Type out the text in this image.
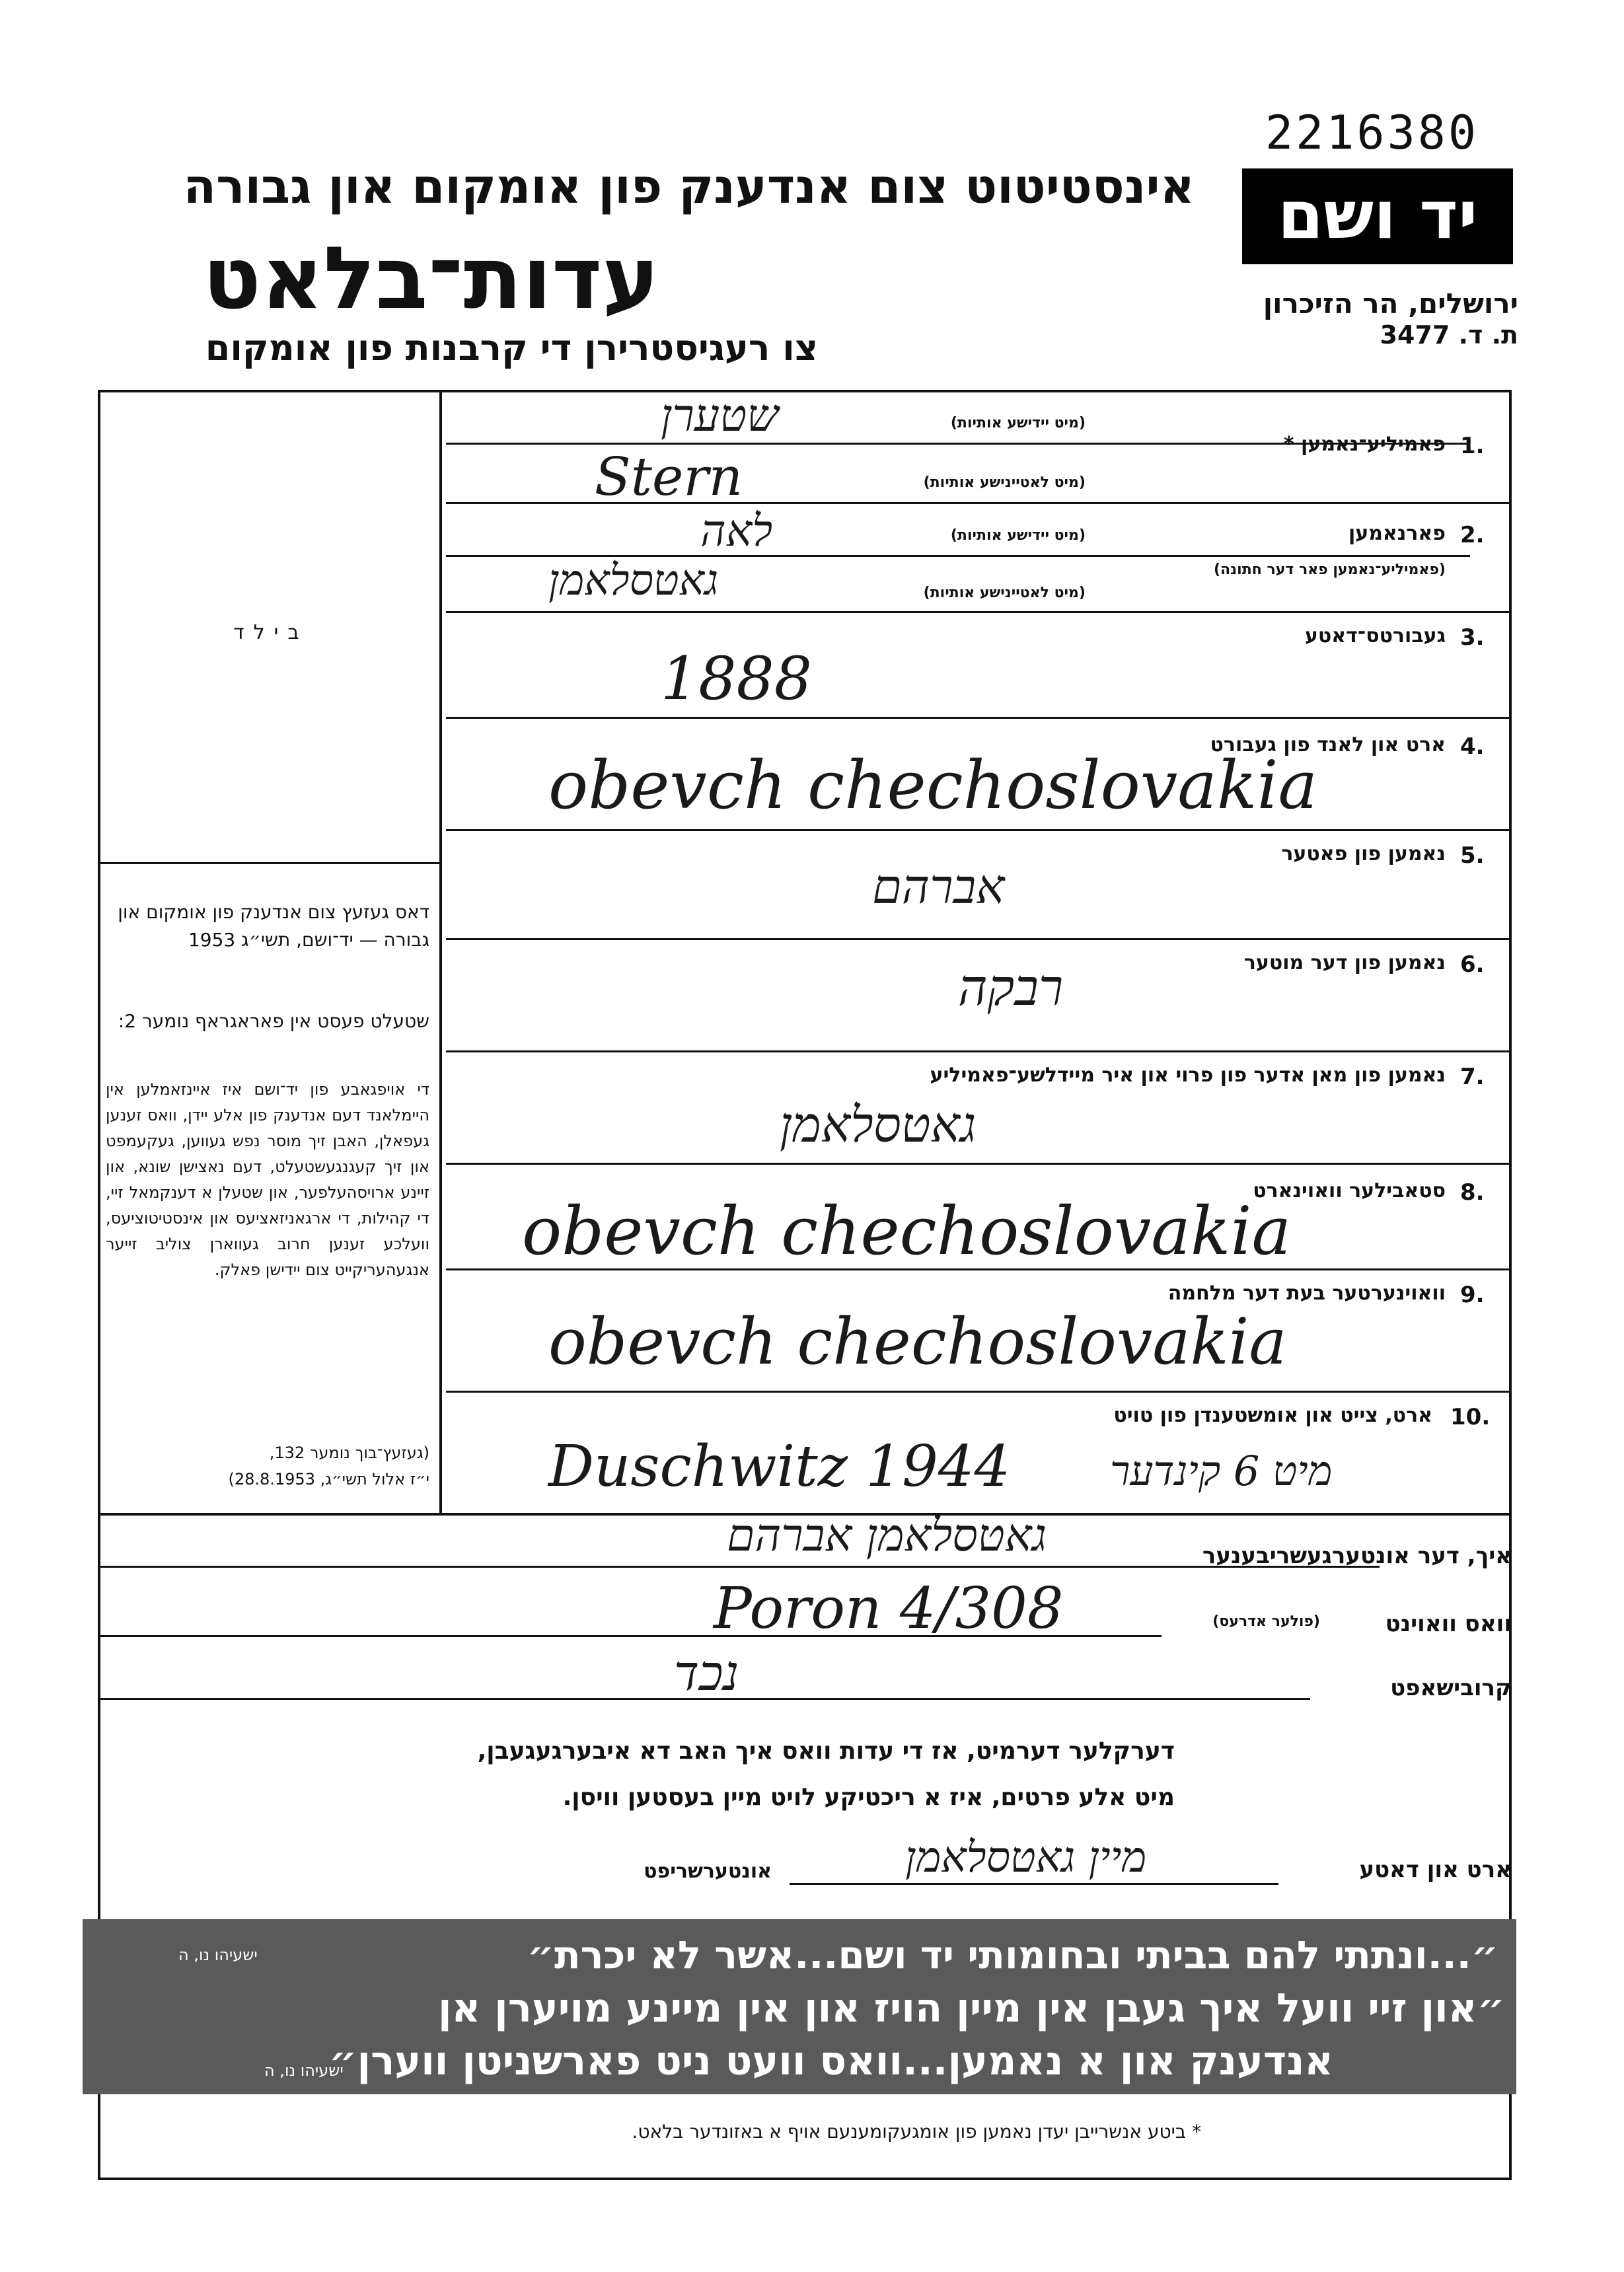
2216380
אינסטיטוט צום אנדענק פון אומקום און גבורה
עדות־בלאט
צו רעגיסטרירן די קרבנות פון אומקום
יד ושם
ירושלים, הר הזיכרון
ת. ד. 3477
בילד
דאס געזעץ צום אנדענק פון אומקום און גבורה — יד־ושם, תשי״ג 1953
שטעלט פעסט אין פאראגראף נומער 2:
די אויפגאבע פון יד־ושם איז איינזאמלען אין היימלאנד דעם אנדענק פון אלע יידן, וואס זענען געפאלן, האבן זיך מוסר נפש געווען, געקעמפט און זיך קעגנגעשטעלט, דעם נאצישן שונא, און זיינע ארויסהעלפער, און שטעלן א דענקמאל זיי, די קהילות, די ארגאניזאציעס און אינסטיטוציעס, וועלכע זענען חרוב געווארן צוליב זייער אנגעהעריקייט צום יידישן פאלק.
(געזעץ־בוך נומער 132,
י״ז אלול תשי״ג, 28.8.1953)
1.
פאמיליע־נאמען *
(מיט יידישע אותיות)
שטערן
(מיט לאטיינישע אותיות)
Stern
2.
פארנאמען
(פאמיליע־נאמען פאר דער חתונה)
(מיט יידישע אותיות)
לאה
(מיט לאטיינישע אותיות)
גאטסלאמן
3.
געבורטס־דאטע
1888
4.
ארט און לאנד פון געבורט
obevch chechoslovakia
5.
נאמען פון פאטער
אברהם
6.
נאמען פון דער מוטער
רבקה
7.
נאמען פון מאן אדער פון פרוי און איר מיידלשע־פאמיליע
גאטסלאמן
8.
סטאבילער וואוינארט
obevch chechoslovakia
9.
וואוינערטער בעת דער מלחמה
obevch chechoslovakia
10.
ארט, צייט און אומשטענדן פון טויט
Duschwitz 1944 מיט 6 קינדער
איך, דער אונטערגעשריבענער
גאטסלאמן אברהם
וואס וואוינט
(פולער אדרעס)
Poron 4/308
קרובישאפט
נכד
דערקלער דערמיט, אז די עדות וואס איך האב דא איבערגעגעבן,
מיט אלע פרטים, איז א ריכטיקע לויט מיין בעסטען וויסן.
ארט און דאטע
מיין גאטסלאמן
אונטערשריפט
״...ונתתי להם בביתי ובחומותי יד ושם...אשר לא יכרת״
ישעיהו נו, ה
״און זיי וועל איך געבן אין מיין הויז און אין מיינע מויערן אן
אנדענק און א נאמען...וואס וועט ניט פארשניטן ווערן״
ישעיהו נו, ה
* ביטע אנשרייבן יעדן נאמען פון אומגעקומענעם אויף א באזונדער בלאט.
